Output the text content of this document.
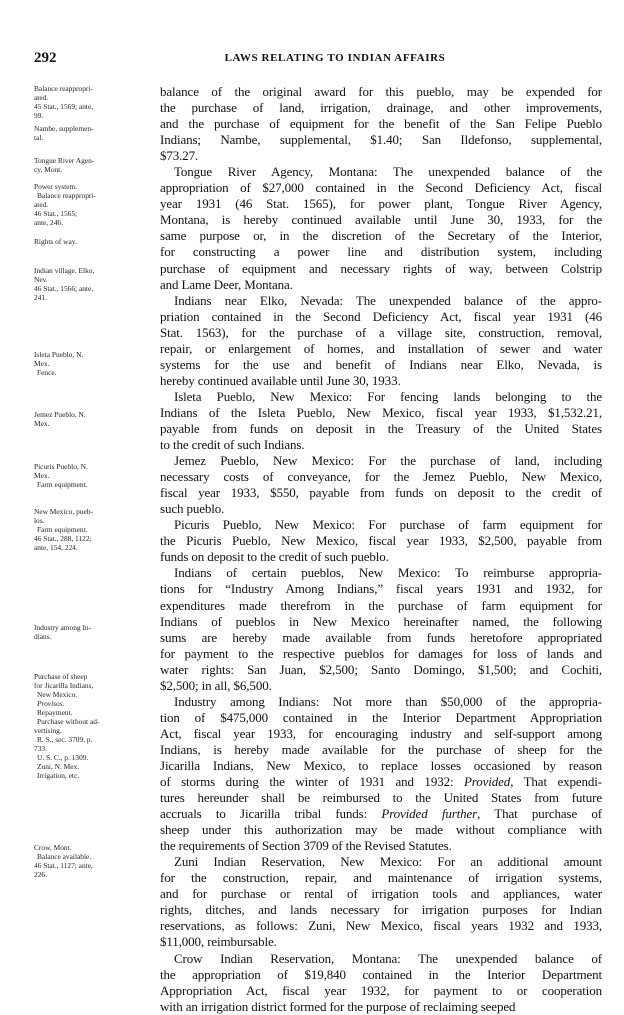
292	LAWS RELATING TO INDIAN AFFAIRS
Balance reappropri-
ated.
45 Stat., 1569; ante,
99.
Nambe, supplemen-
tal.
Tongue River Agen-
cy, Mont.
Power system.
Balance reappropri-
ated.
46 Stat., 1565;
ante, 246.
Rights of way.
Indian village, Elko,
Nev.
46 Stat., 1566; ante,
241.
Isleta Pueblo, N.
Mex.
Fence.
Jemez Pueblo, N.
Mex.
Picuris Pueblo, N.
Mex.
Farm equipment.
New Mexico, pueb-
los.
Farm equipment.
46 Stat., 288, 1122;
ante, 154, 224.
Industry among In-
dians.
Purchase of sheep
for Jicarilla Indians,
New Mexico.
Provisos.
Repayment.
Purchase without ad-
vertising.
R. S., sec. 3709, p.
733.
U. S. C., p. 1309.
Zuni, N. Mex.
Irrigation, etc.
Crow, Mont.
Balance available.
46 Stat., 1127; ante,
226.
balance of the original award for this pueblo, may be expended for
the purchase of land, irrigation, drainage, and other improvements,
and the purchase of equipment for the benefit of the San Felipe Pueblo
Indians; Nambe, supplemental, $1.40; San Ildefonso, supplemental,
$73.27.
Tongue River Agency, Montana: The unexpended balance of the
appropriation of $27,000 contained in the Second Deficiency Act, fiscal
year 1931 (46 Stat. 1565), for power plant, Tongue River Agency,
Montana, is hereby continued available until June 30, 1933, for the
same purpose or, in the discretion of the Secretary of the Interior,
for constructing a power line and distribution system, including
purchase of equipment and necessary rights of way, between Colstrip
and Lame Deer, Montana.
Indians near Elko, Nevada: The unexpended balance of the appro-
priation contained in the Second Deficiency Act, fiscal year 1931 (46
Stat. 1563), for the purchase of a village site, construction, removal,
repair, or enlargement of homes, and installation of sewer and water
systems for the use and benefit of Indians near Elko, Nevada, is
hereby continued available until June 30, 1933.
Isleta Pueblo, New Mexico: For fencing lands belonging to the
Indians of the Isleta Pueblo, New Mexico, fiscal year 1933, $1,532.21,
payable from funds on deposit in the Treasury of the United States
to the credit of such Indians.
Jemez Pueblo, New Mexico: For the purchase of land, including
necessary costs of conveyance, for the Jemez Pueblo, New Mexico,
fiscal year 1933, $550, payable from funds on deposit to the credit of
such pueblo.
Picuris Pueblo, New Mexico: For purchase of farm equipment for
the Picuris Pueblo, New Mexico, fiscal year 1933, $2,500, payable from
funds on deposit to the credit of such pueblo.
Indians of certain pueblos, New Mexico: To reimburse appropria-
tions for “Industry Among Indians,” fiscal years 1931 and 1932, for
expenditures made therefrom in the purchase of farm equipment for
Indians of pueblos in New Mexico hereinafter named, the following
sums are hereby made available from funds heretofore appropriated
for payment to the respective pueblos for damages for loss of lands and
water rights: San Juan, $2,500; Santo Domingo, $1,500; and Cochiti,
$2,500; in all, $6,500.
Industry among Indians: Not more than $50,000 of the appropria-
tion of $475,000 contained in the Interior Department Appropriation
Act, fiscal year 1933, for encouraging industry and self-support among
Indians, is hereby made available for the purchase of sheep for the
Jicarilla Indians, New Mexico, to replace losses occasioned by reason
of storms during the winter of 1931 and 1932: Provided, That expendi-
tures hereunder shall be reimbursed to the United States from future
accruals to Jicarilla tribal funds: Provided further, That purchase of
sheep under this authorization may be made without compliance with
the requirements of Section 3709 of the Revised Statutes.
Zuni Indian Reservation, New Mexico: For an additional amount
for the construction, repair, and maintenance of irrigation systems,
and for purchase or rental of irrigation tools and appliances, water
rights, ditches, and lands necessary for irrigation purposes for Indian
reservations, as follows: Zuni, New Mexico, fiscal years 1932 and 1933,
$11,000, reimbursable.
Crow Indian Reservation, Montana: The unexpended balance of
the appropriation of $19,840 contained in the Interior Department
Appropriation Act, fiscal year 1932, for payment to or cooperation
with an irrigation district formed for the purpose of reclaiming seeped
